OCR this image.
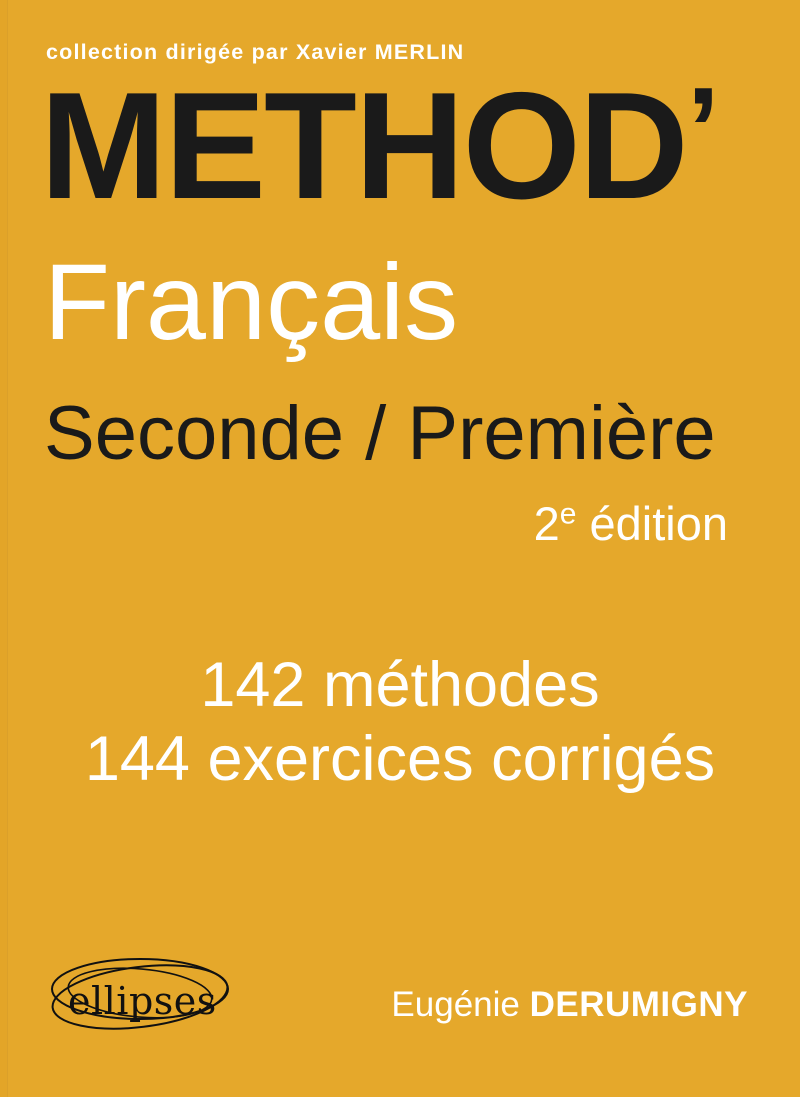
collection dirigée par Xavier MERLIN
METHOD’
Français
Seconde / Première
2e édition
142 méthodes
144 exercices corrigés
Eugénie DERUMIGNY
ellipses
